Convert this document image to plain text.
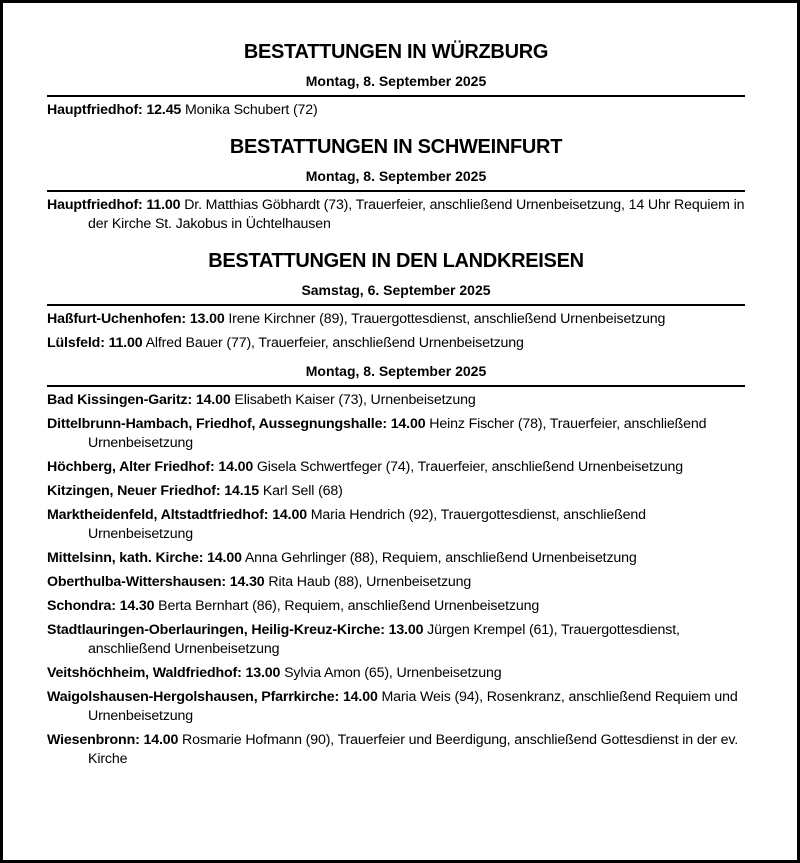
BESTATTUNGEN IN WÜRZBURG
Montag, 8. September 2025
Hauptfriedhof: 12.45 Monika Schubert (72)
BESTATTUNGEN IN SCHWEINFURT
Montag, 8. September 2025
Hauptfriedhof: 11.00 Dr. Matthias Göbhardt (73), Trauerfeier, anschließend Urnenbeisetzung, 14 Uhr Requiem in der Kirche St. Jakobus in Üchtelhausen
BESTATTUNGEN IN DEN LANDKREISEN
Samstag, 6. September 2025
Haßfurt-Uchenhofen: 13.00 Irene Kirchner (89), Trauergottesdienst, anschließend Urnenbeisetzung
Lülsfeld: 11.00 Alfred Bauer (77), Trauerfeier, anschließend Urnenbeisetzung
Montag, 8. September 2025
Bad Kissingen-Garitz: 14.00 Elisabeth Kaiser (73), Urnenbeisetzung
Dittelbrunn-Hambach, Friedhof, Aussegnungshalle: 14.00 Heinz Fischer (78), Trauerfeier, anschließend Urnenbeisetzung
Höchberg, Alter Friedhof: 14.00 Gisela Schwertfeger (74), Trauerfeier, anschließend Urnenbeisetzung
Kitzingen, Neuer Friedhof: 14.15 Karl Sell (68)
Marktheidenfeld, Altstadtfriedhof: 14.00 Maria Hendrich (92), Trauergottesdienst, anschließend Urnenbeisetzung
Mittelsinn, kath. Kirche: 14.00 Anna Gehrlinger (88), Requiem, anschließend Urnenbeisetzung
Oberthulba-Wittershausen: 14.30 Rita Haub (88), Urnenbeisetzung
Schondra: 14.30 Berta Bernhart (86), Requiem, anschließend Urnenbeisetzung
Stadtlauringen-Oberlauringen, Heilig-Kreuz-Kirche: 13.00 Jürgen Krempel (61), Trauergottesdienst, anschließend Urnenbeisetzung
Veitshöchheim, Waldfriedhof: 13.00 Sylvia Amon (65), Urnenbeisetzung
Waigolshausen-Hergolshausen, Pfarrkirche: 14.00 Maria Weis (94), Rosenkranz, anschließend Requiem und Urnenbeisetzung
Wiesenbronn: 14.00 Rosmarie Hofmann (90), Trauerfeier und Beerdigung, anschließend Gottesdienst in der ev. Kirche
